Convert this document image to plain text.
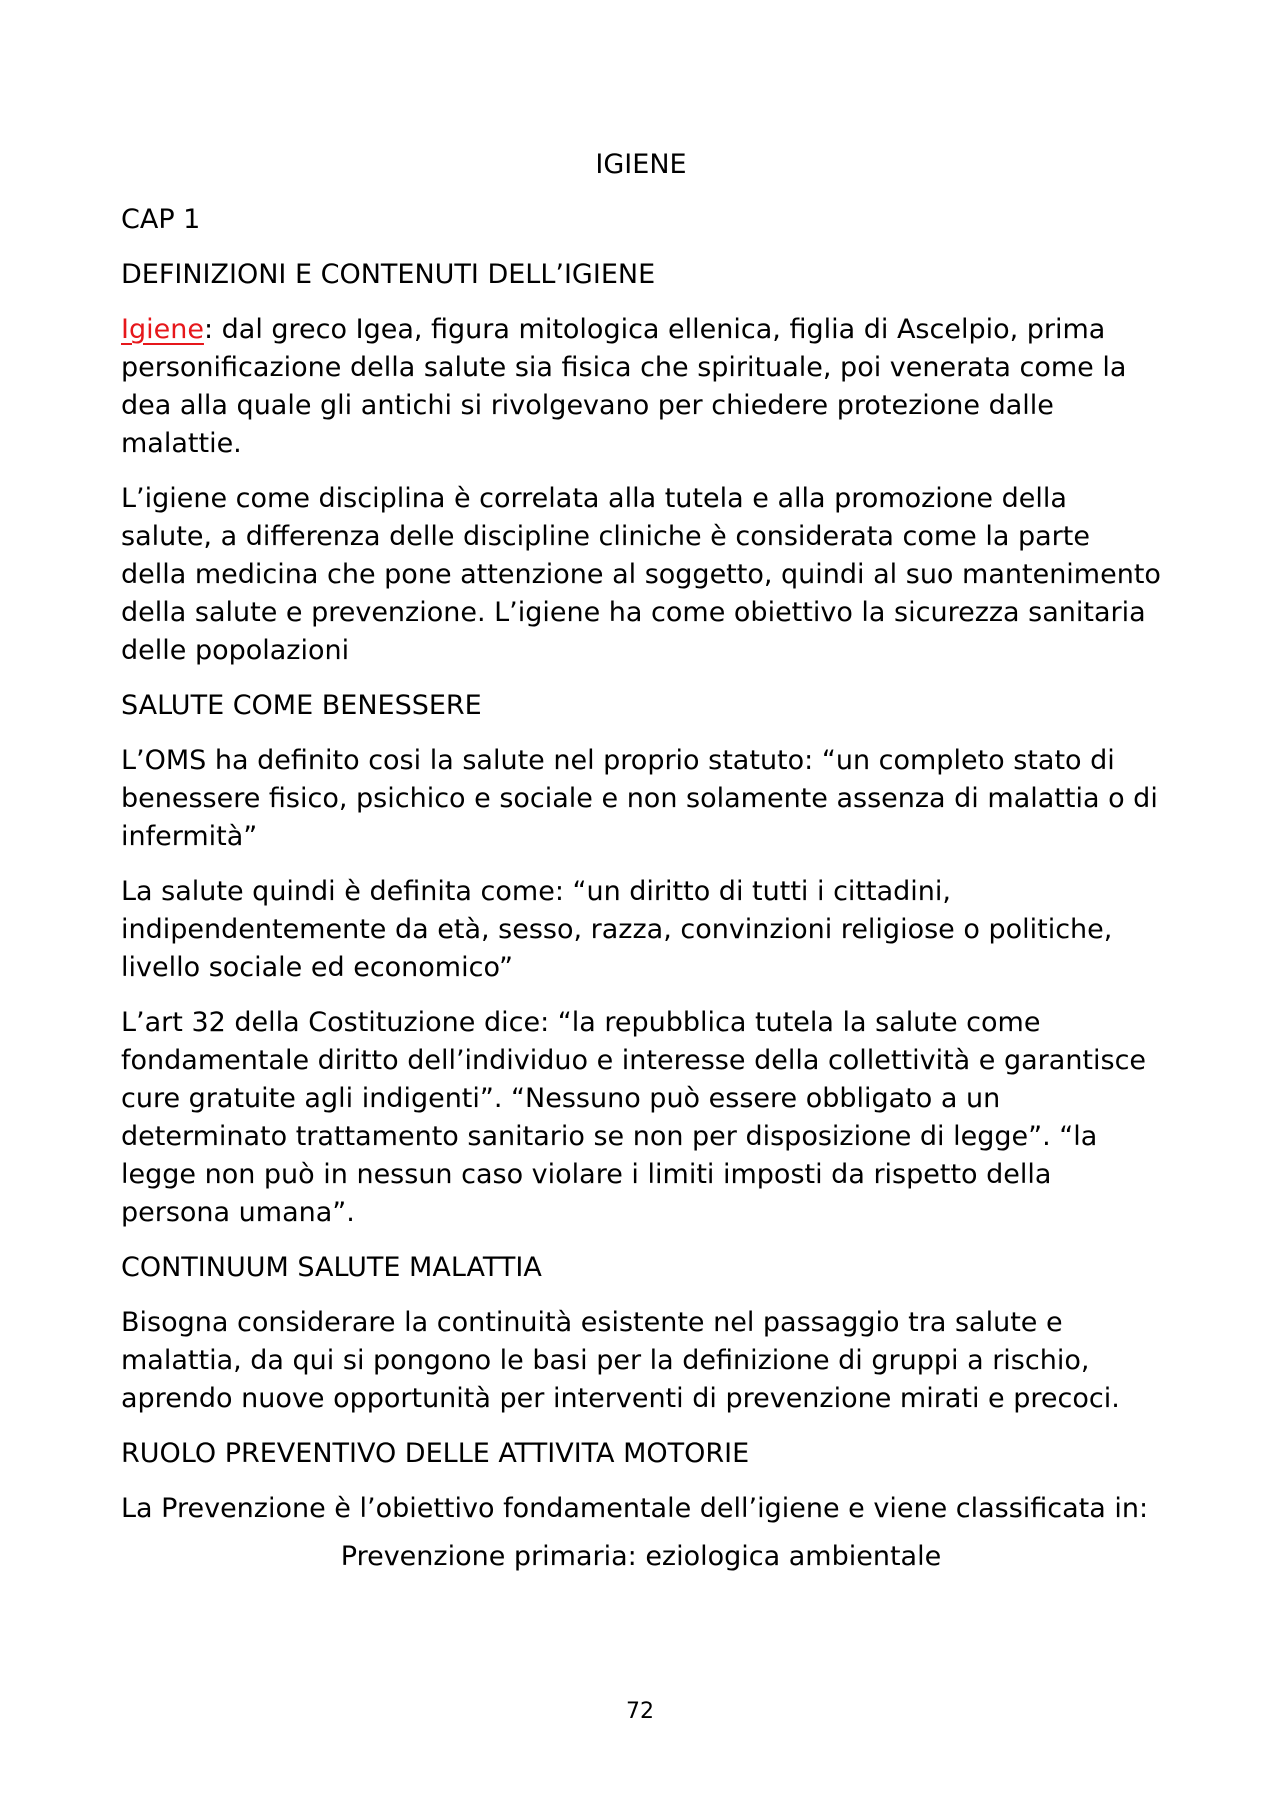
IGIENE
CAP 1
DEFINIZIONI E CONTENUTI DELL’IGIENE
Igiene: dal greco Igea, figura mitologica ellenica, figlia di Ascelpio, prima personificazione della salute sia fisica che spirituale, poi venerata come la dea alla quale gli antichi si rivolgevano per chiedere protezione dalle malattie.
L’igiene come disciplina è correlata alla tutela e alla promozione della salute, a differenza delle discipline cliniche è considerata come la parte della medicina che pone attenzione al soggetto, quindi al suo mantenimento della salute e prevenzione. L’igiene ha come obiettivo la sicurezza sanitaria delle popolazioni
SALUTE COME BENESSERE
L’OMS ha definito cosi la salute nel proprio statuto: “un completo stato di benessere fisico, psichico e sociale e non solamente assenza di malattia o di infermità”
La salute quindi è definita come: “un diritto di tutti i cittadini, indipendentemente da età, sesso, razza, convinzioni religiose o politiche, livello sociale ed economico”
L’art 32 della Costituzione dice: “la repubblica tutela la salute come fondamentale diritto dell’individuo e interesse della collettività e garantisce cure gratuite agli indigenti”. “Nessuno può essere obbligato a un determinato trattamento sanitario se non per disposizione di legge”. “la legge non può in nessun caso violare i limiti imposti da rispetto della persona umana”.
CONTINUUM SALUTE MALATTIA
Bisogna considerare la continuità esistente nel passaggio tra salute e malattia, da qui si pongono le basi per la definizione di gruppi a rischio, aprendo nuove opportunità per interventi di prevenzione mirati e precoci.
RUOLO PREVENTIVO DELLE ATTIVITA MOTORIE
La Prevenzione è l’obiettivo fondamentale dell’igiene e viene classificata in:
Prevenzione primaria: eziologica ambientale
72
